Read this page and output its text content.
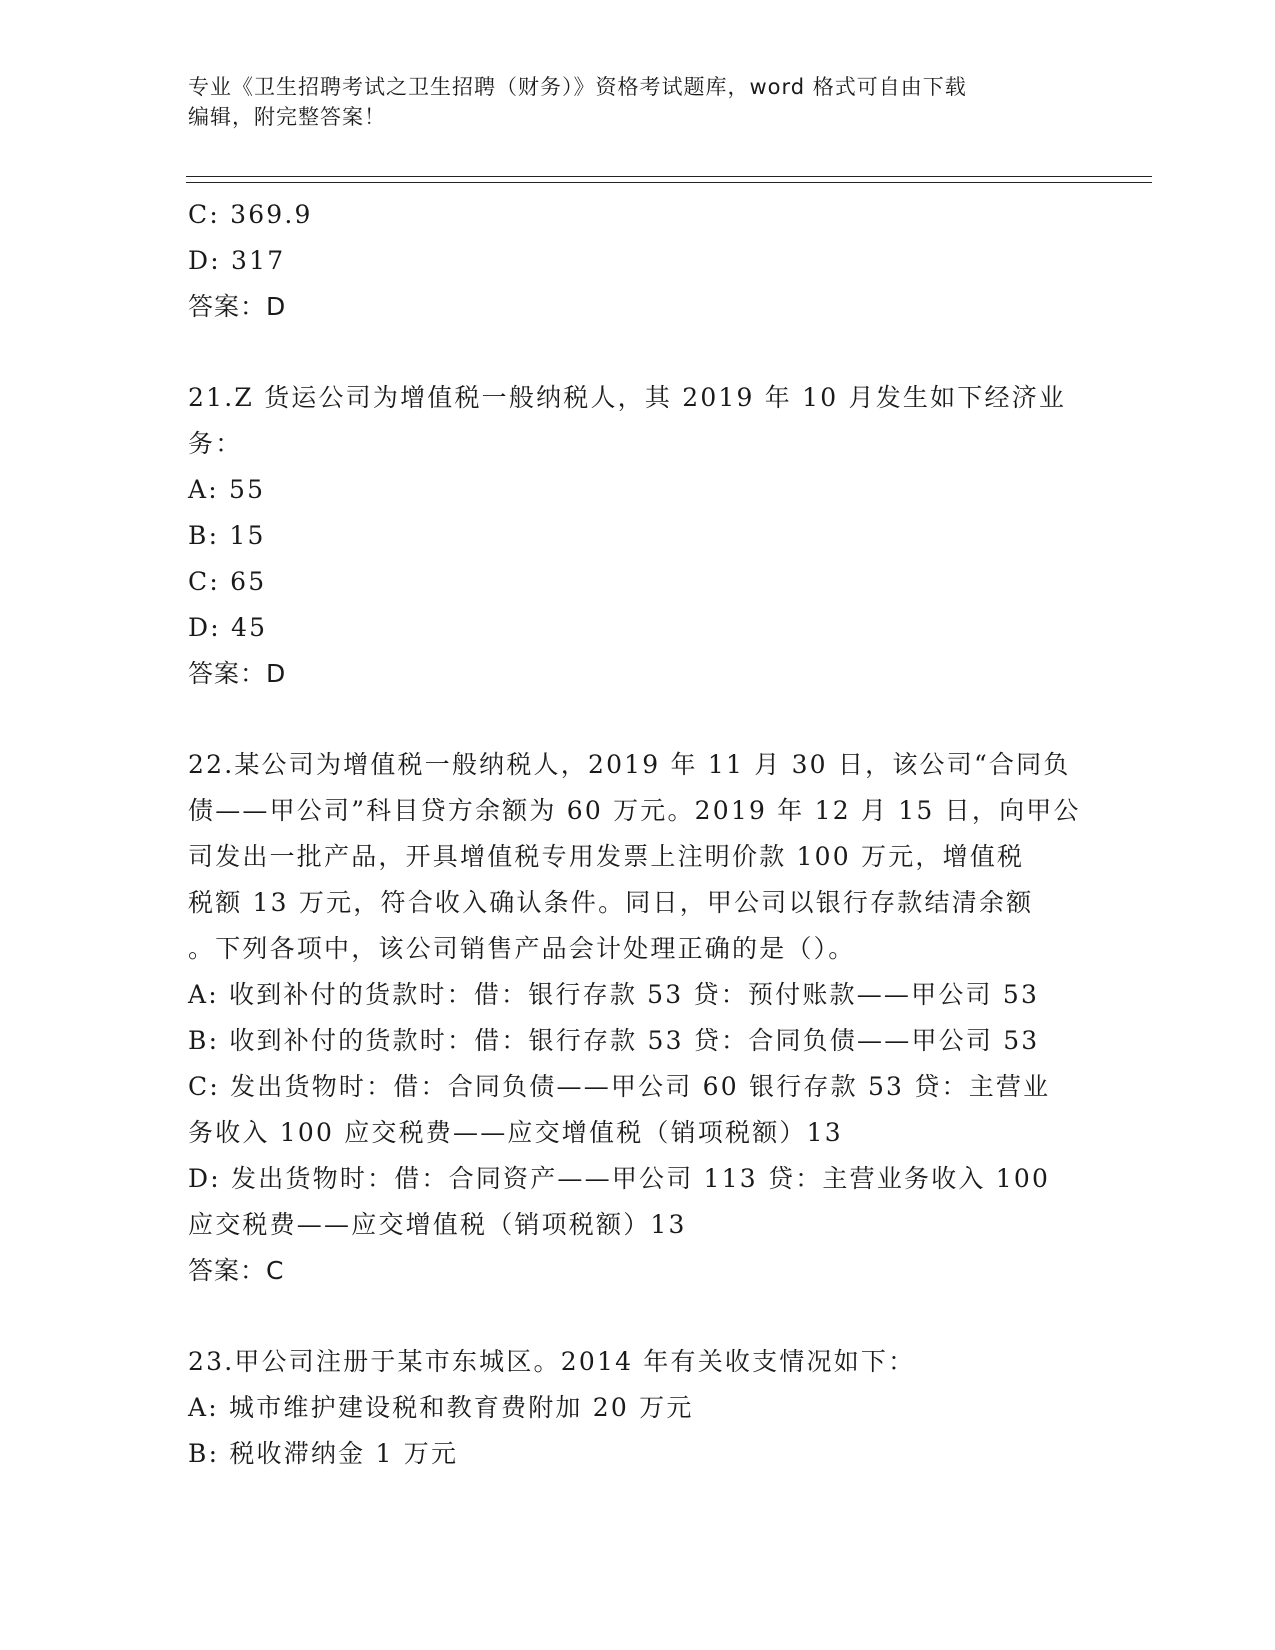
专业《卫生招聘考试之卫生招聘（财务）》资格考试题库，word 格式可自由下载
编辑，附完整答案！
C: 369.9
D: 317
答案：D
21.Z 货运公司为增值税一般纳税人，其 2019 年 10 月发生如下经济业
务：
A: 55
B: 15
C: 65
D: 45
答案：D
22.某公司为增值税一般纳税人，2019 年 11 月 30 日，该公司“合同负
债——甲公司”科目贷方余额为 60 万元。2019 年 12 月 15 日，向甲公
司发出一批产品，开具增值税专用发票上注明价款 100 万元，增值税
税额 13 万元，符合收入确认条件。同日，甲公司以银行存款结清余额
。下列各项中，该公司销售产品会计处理正确的是（）。
A: 收到补付的货款时：借：银行存款 53 贷：预付账款——甲公司 53
B: 收到补付的货款时：借：银行存款 53 贷：合同负债——甲公司 53
C: 发出货物时：借：合同负债——甲公司 60 银行存款 53 贷：主营业
务收入 100 应交税费——应交增值税（销项税额）13
D: 发出货物时：借：合同资产——甲公司 113 贷：主营业务收入 100
应交税费——应交增值税（销项税额）13
答案：C
23.甲公司注册于某市东城区。2014 年有关收支情况如下：
A: 城市维护建设税和教育费附加 20 万元
B: 税收滞纳金 1 万元
